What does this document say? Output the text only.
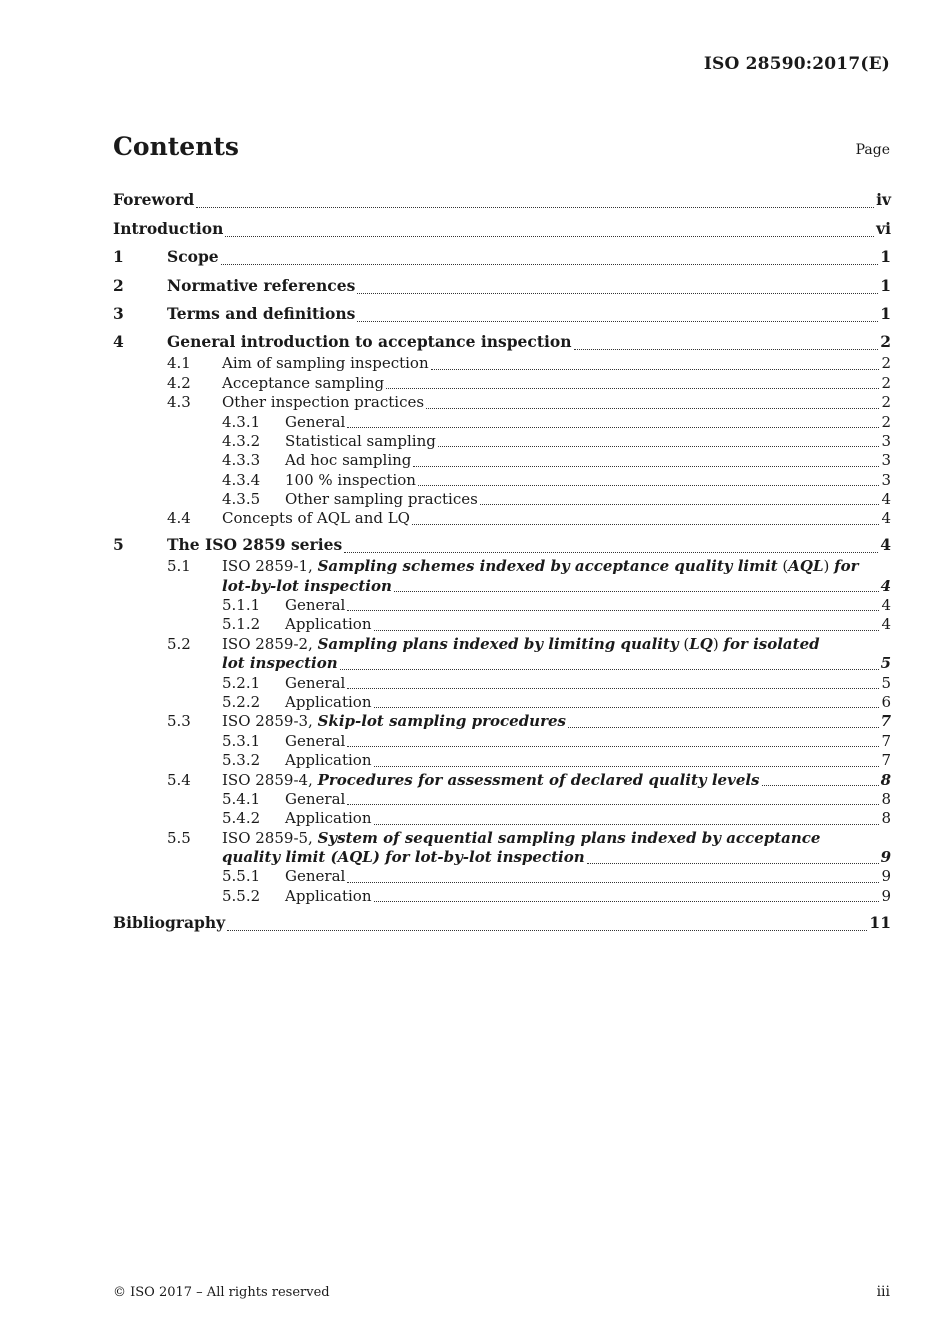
ISO 28590:2017(E)
Contents	Page
Foreword	iv
Introduction	vi
1	Scope	1
2	Normative references	1
3	Terms and definitions	1
4	General introduction to acceptance inspection	2
4.1	Aim of sampling inspection	2
4.2	Acceptance sampling	2
4.3	Other inspection practices	2
4.3.1	General	2
4.3.2	Statistical sampling	3
4.3.3	Ad hoc sampling	3
4.3.4	100 % inspection	3
4.3.5	Other sampling practices	4
4.4	Concepts of AQL and LQ	4
5	The ISO 2859 series	4
5.1	ISO 2859-1, Sampling schemes indexed by acceptance quality limit (AQL) for
lot-by-lot inspection	4
5.1.1	General	4
5.1.2	Application	4
5.2	ISO 2859-2, Sampling plans indexed by limiting quality (LQ) for isolated
lot inspection	5
5.2.1	General	5
5.2.2	Application	6
5.3	ISO 2859-3, Skip-lot sampling procedures	7
5.3.1	General	7
5.3.2	Application	7
5.4	ISO 2859-4, Procedures for assessment of declared quality levels	8
5.4.1	General	8
5.4.2	Application	8
5.5	ISO 2859-5, System of sequential sampling plans indexed by acceptance
quality limit (AQL) for lot-by-lot inspection	9
5.5.1	General	9
5.5.2	Application	9
Bibliography	11
© ISO 2017 – All rights reserved	iii
